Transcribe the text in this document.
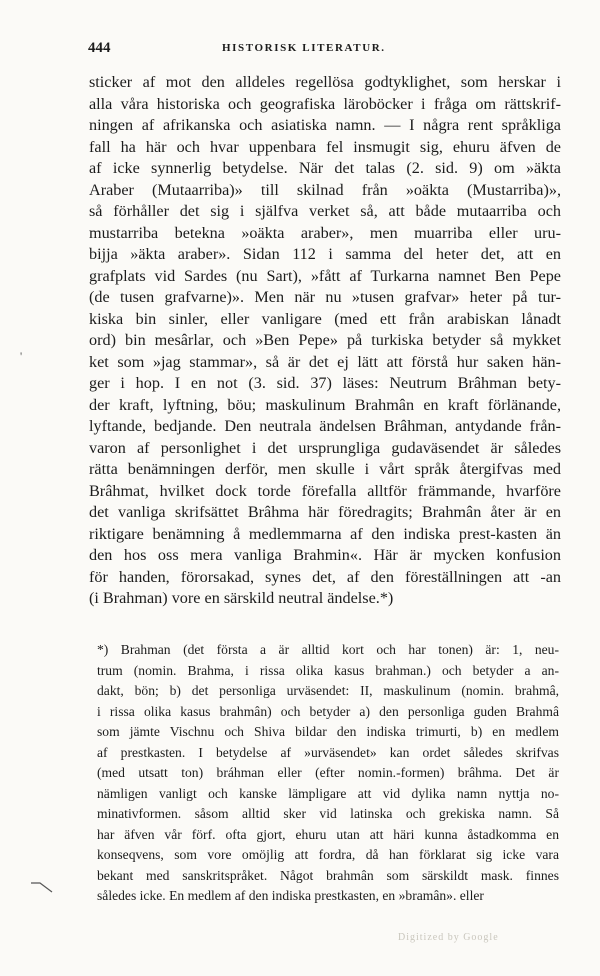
444	HISTORISK LITERATUR.
sticker af mot den alldeles regellösa godtyklighet, som herskar i
alla våra historiska och geografiska läroböcker i fråga om rättskrif-
ningen af afrikanska och asiatiska namn. — I några rent språkliga
fall ha här och hvar uppenbara fel insmugit sig, ehuru äfven de
af icke synnerlig betydelse. När det talas (2. sid. 9) om »äkta
Araber (Mutaarriba)» till skilnad från »oäkta (Mustarriba)»,
så förhåller det sig i själfva verket så, att både mutaarriba och
mustarriba betekna »oäkta araber», men muarriba eller uru-
bijja »äkta araber». Sidan 112 i samma del heter det, att en
grafplats vid Sardes (nu Sart), »fått af Turkarna namnet Ben Pepe
(de tusen grafvarne)». Men när nu »tusen grafvar» heter på tur-
kiska bin sinler, eller vanligare (med ett från arabiskan lånadt
ord) bin mesârlar, och »Ben Pepe» på turkiska betyder så mykket
ket som »jag stammar», så är det ej lätt att förstå hur saken hän-
ger i hop. I en not (3. sid. 37) läses: Neutrum Brâhman bety-
der kraft, lyftning, böu; maskulinum Brahmân en kraft förlänande,
lyftande, bedjande. Den neutrala ändelsen Brâhman, antydande från-
varon af personlighet i det ursprungliga gudaväsendet är således
rätta benämningen derför, men skulle i vårt språk återgifvas med
Brâhmat, hvilket dock torde förefalla alltför främmande, hvarföre
det vanliga skrifsättet Brâhma här föredragits; Brahmân åter är en
riktigare benämning å medlemmarna af den indiska prest-kasten än
den hos oss mera vanliga Brahmin«. Här är mycken konfusion
för handen, förorsakad, synes det, af den föreställningen att -an
(i Brahman) vore en särskild neutral ändelse.*)
*) Brahman (det första a är alltid kort och har tonen) är: 1, neu-
trum (nomin. Brahma, i rissa olika kasus brahman.) och betyder a an-
dakt, bön; b) det personliga urväsendet: II, maskulinum (nomin. brahmâ,
i rissa olika kasus brahmân) och betyder a) den personliga guden Brahmâ
som jämte Vischnu och Shiva bildar den indiska trimurti, b) en medlem
af prestkasten. I betydelse af »urväsendet» kan ordet således skrifvas
(med utsatt ton) bráhman eller (efter nomin.-formen) brâhma. Det är
nämligen vanligt och kanske lämpligare att vid dylika namn nyttja no-
minativformen. såsom alltid sker vid latinska och grekiska namn. Så
har äfven vår förf. ofta gjort, ehuru utan att häri kunna åstadkomma en
konseqvens, som vore omöjlig att fordra, då han förklarat sig icke vara
bekant med sanskritspråket. Något brahmân som särskildt mask. finnes
således icke. En medlem af den indiska prestkasten, en »bramân». eller
'
Digitized by Google
